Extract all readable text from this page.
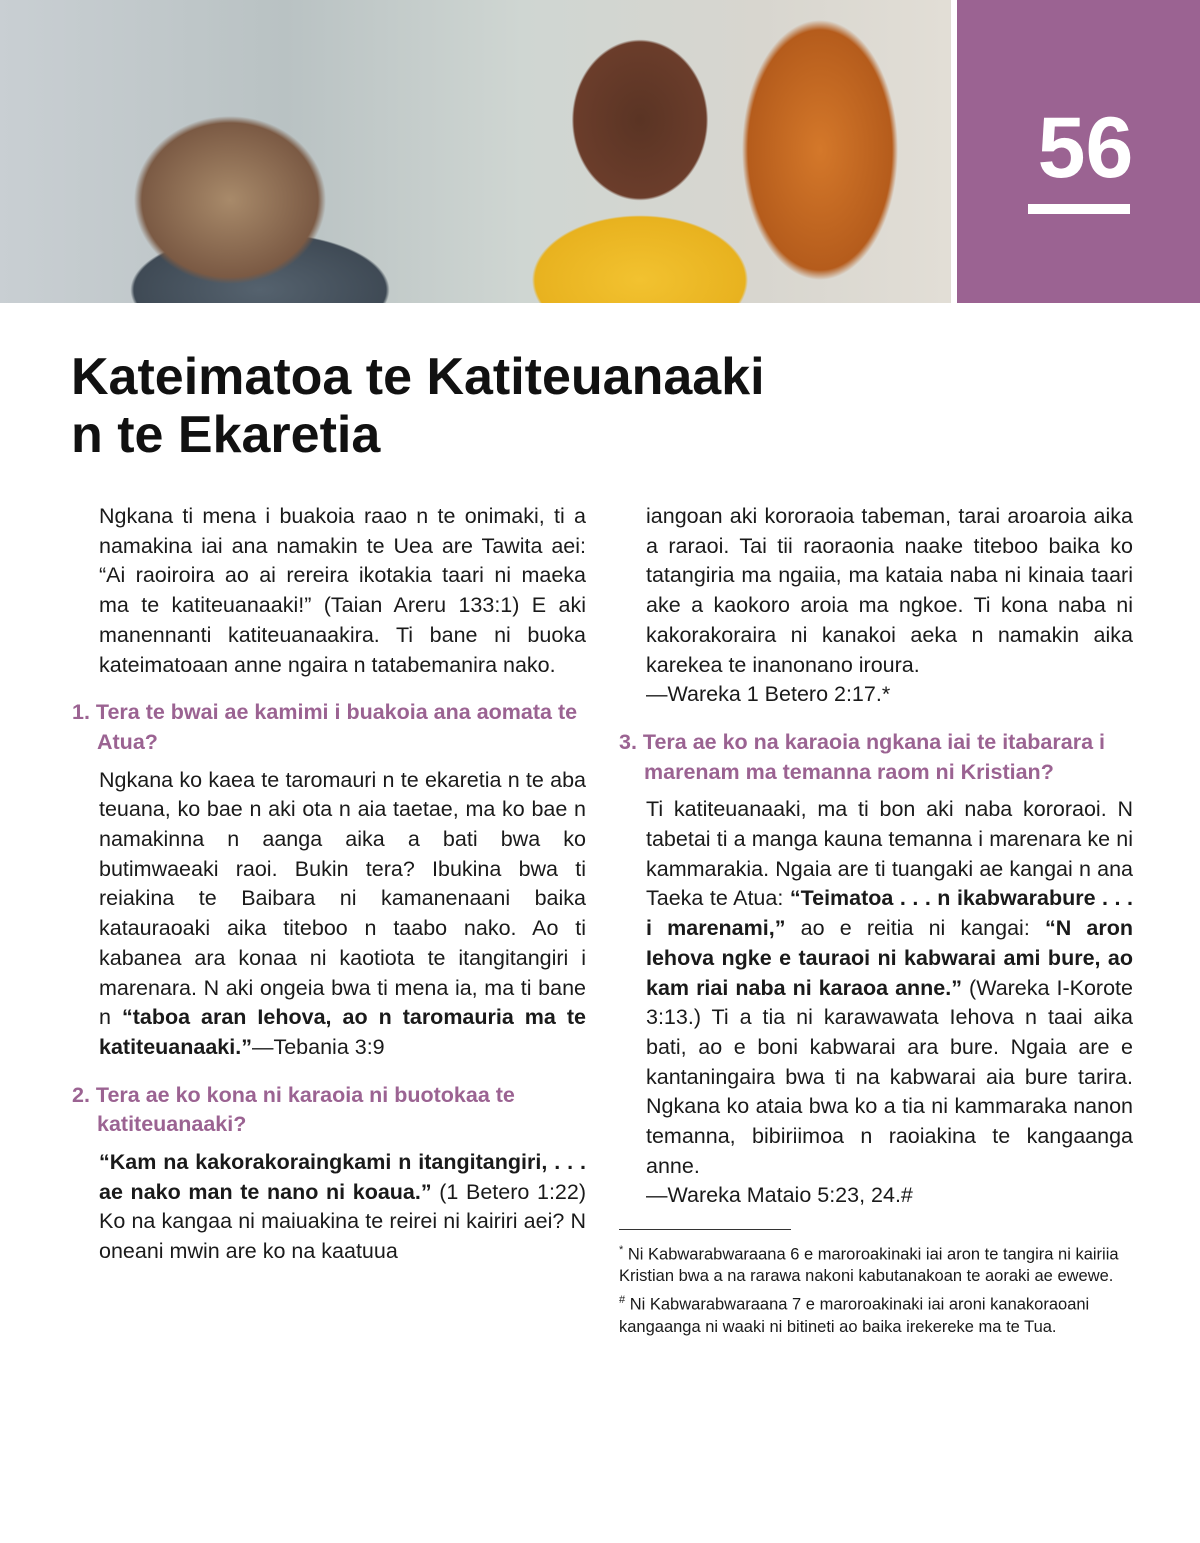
56
Kateimatoa te Katiteuanaaki
n te Ekaretia

Ngkana ti mena i buakoia raao n te onimaki, ti a namakina iai ana namakin te Uea are Tawita aei: “Ai raoiroira ao ai rereira ikotakia taari ni maeka ma te katiteuanaaki!” (Taian Areru 133:1) E aki manennanti katiteuanaakira. Ti bane ni buoka kateimatoaan anne ngaira n tatabemanira nako.

1. Tera te bwai ae kamimi i buakoia ana aomata te Atua?

Ngkana ko kaea te taromauri n te ekaretia n te aba teuana, ko bae n aki ota n aia taetae, ma ko bae n namakinna n aanga aika a bati bwa ko butimwaeaki raoi. Bukin tera? Ibukina bwa ti reiakina te Baibara ni kamanenaani baika katauraoaki aika titeboo n taabo nako. Ao ti kabanea ara konaa ni kaotiota te itangitangiri i marenara. N aki ongeia bwa ti mena ia, ma ti bane n “taboa aran Iehova, ao n taromauria ma te katiteuanaaki.”—Tebania 3:9

2. Tera ae ko kona ni karaoia ni buotokaa te katiteuanaaki?

“Kam na kakorakoraingkami n itangitangiri, . . . ae nako man te nano ni koaua.” (1 Betero 1:22) Ko na kangaa ni maiuakina te reirei ni kairiri aei? N oneani mwin are ko na kaatuua

iangoan aki kororaoia tabeman, tarai aroaroia aika a raraoi. Tai tii raoraonia naake titeboo baika ko tatangiria ma ngaiia, ma kataia naba ni kinaia taari ake a kaokoro aroia ma ngkoe. Ti kona naba ni kakorakoraira ni kanakoi aeka n namakin aika karekea te inanonano iroura.
—Wareka 1 Betero 2:17.*

3. Tera ae ko na karaoia ngkana iai te itabarara i marenam ma temanna raom ni Kristian?

Ti katiteuanaaki, ma ti bon aki naba kororaoi. N tabetai ti a manga kauna temanna i marenara ke ni kammarakia. Ngaia are ti tuangaki ae kangai n ana Taeka te Atua: “Teimatoa . . . n ikabwarabure . . . i marenami,” ao e reitia ni kangai: “N aron Iehova ngke e tauraoi ni kabwarai ami bure, ao kam riai naba ni karaoa anne.” (Wareka I-Korote 3:13.) Ti a tia ni karawawata Iehova n taai aika bati, ao e boni kabwarai ara bure. Ngaia are e kantaningaira bwa ti na kabwarai aia bure tarira. Ngkana ko ataia bwa ko a tia ni kammaraka nanon temanna, bibiriimoa n raoiakina te kangaanga anne.
—Wareka Mataio 5:23, 24.#

* Ni Kabwarabwaraana 6 e maroroakinaki iai aron te tangira ni kairiia Kristian bwa a na rarawa nakoni kabutanakoan te aoraki ae ewewe.

# Ni Kabwarabwaraana 7 e maroroakinaki iai aroni kanakoraoani kangaanga ni waaki ni bitineti ao baika irekereke ma te Tua.
